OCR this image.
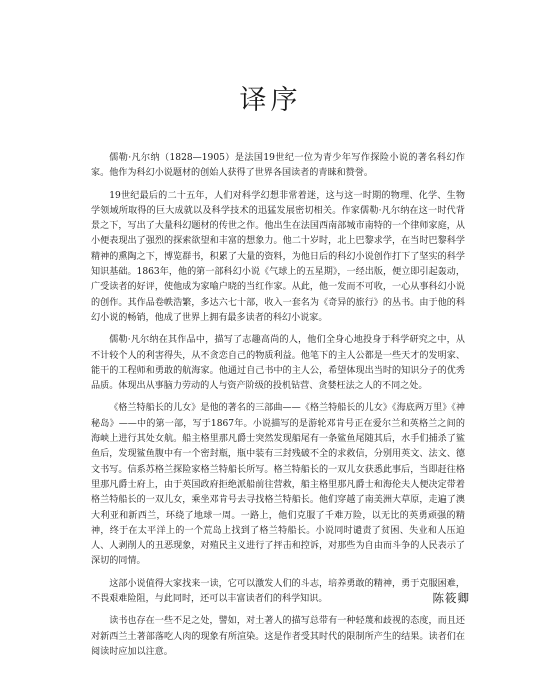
译序

儒勒·凡尔纳（1828—1905）是法国19世纪一位为青少年写作探险小说的著名科幻作家。他作为科幻小说题材的创始人获得了世界各国读者的青睐和赞誉。

19世纪最后的二十五年，人们对科学幻想非常着迷，这与这一时期的物理、化学、生物学领域所取得的巨大成就以及科学技术的迅猛发展密切相关。作家儒勒·凡尔纳在这一时代背景之下，写出了大量科幻题材的传世之作。他出生在法国西南部城市南特的一个律师家庭，从小便表现出了强烈的探索欲望和丰富的想象力。他二十岁时，北上巴黎求学，在当时巴黎科学精神的熏陶之下，博览群书，积累了大量的资料，为他日后的科幻小说创作打下了坚实的科学知识基础。1863年，他的第一部科幻小说《气球上的五星期》，一经出版，便立即引起轰动，广受读者的好评，使他成为家喻户晓的当红作家。从此，他一发而不可收，一心从事科幻小说的创作。其作品卷帙浩繁，多达六七十部，收入一套名为《奇异的旅行》的丛书。由于他的科幻小说的畅销，他成了世界上拥有最多读者的科幻小说家。

儒勒·凡尔纳在其作品中，描写了志趣高尚的人，他们全身心地投身于科学研究之中，从不计较个人的利害得失，从不贪恋自己的物质利益。他笔下的主人公都是一些天才的发明家、能干的工程师和勇敢的航海家。他通过自己书中的主人公，希望体现出当时的知识分子的优秀品质。体现出从事脑力劳动的人与资产阶级的投机钻营、贪婪枉法之人的不同之处。

《格兰特船长的儿女》是他的著名的三部曲——《格兰特船长的儿女》《海底两万里》《神秘岛》——中的第一部，写于1867年。小说描写的是游轮邓肯号正在爱尔兰和英格兰之间的海峡上进行其处女航。船主格里那凡爵士突然发现船尾有一条鲨鱼尾随其后，水手们捕杀了鲨鱼后，发现鲨鱼腹中有一个密封瓶，瓶中装有三封残破不全的求救信，分别用英文、法文、德文书写。信系苏格兰探险家格兰特船长所写。格兰特船长的一双儿女获悉此事后，当即赶往格里那凡爵士府上，由于英国政府拒绝派船前往营救，船主格里那凡爵士和海伦夫人便决定带着格兰特船长的一双儿女，乘坐邓肯号去寻找格兰特船长。他们穿越了南美洲大草原，走遍了澳大利亚和新西兰，环绕了地球一周。一路上，他们克服了千难万险，以无比的英勇顽强的精神，终于在太平洋上的一个荒岛上找到了格兰特船长。小说同时谴责了贫困、失业和人压迫人、人剥削人的丑恶现象，对殖民主义进行了抨击和控诉，对那些为自由而斗争的人民表示了深切的同情。

这部小说值得大家找来一读，它可以激发人们的斗志，培养勇敢的精神，勇于克服困难，不畏艰难险阻，与此同时，还可以丰富读者们的科学知识。

读书也存在一些不足之处，譬如，对土著人的描写总带有一种轻蔑和歧视的态度，而且还对新西兰土著部落吃人肉的现象有所渲染。这是作者受其时代的限制所产生的结果。读者们在阅读时应加以注意。

陈筱卿
